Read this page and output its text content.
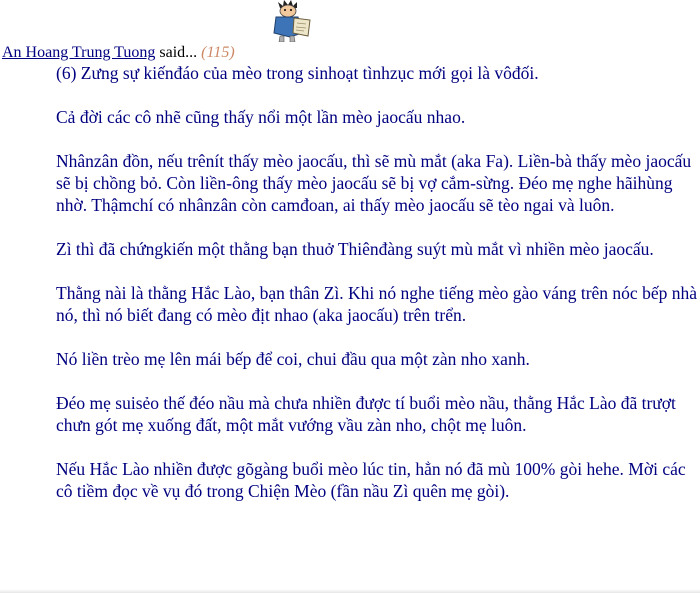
An Hoang Trung Tuong said... (115)

(6) Zưng sự kiếnđáo của mèo trong sinhoạt tìnhzục mới gọi là vôđối.

Cả đời các cô nhẽ cũng thấy nổi một lần mèo jaocấu nhao.

Nhânzân đồn, nếu trênít thấy mèo jaocấu, thì sẽ mù mắt (aka Fa). Liền-bà thấy mèo jaocấu sẽ bị chồng bỏ. Còn liền-ông thấy mèo jaocấu sẽ bị vợ cắm-sừng. Đéo mẹ nghe hãihùng nhờ. Thậmchí có nhânzân còn camđoan, ai thấy mèo jaocấu sẽ tèo ngai và luôn.

Zì thì đã chứngkiến một thằng bạn thuở Thiênđàng suýt mù mắt vì nhiền mèo jaocấu.

Thằng nài là thằng Hắc Lào, bạn thân Zì. Khi nó nghe tiếng mèo gào váng trên nóc bếp nhà nó, thì nó biết đang có mèo địt nhao (aka jaocấu) trên trển.

Nó liền trèo mẹ lên mái bếp để coi, chui đầu qua một zàn nho xanh.

Đéo mẹ suisẻo thế đéo nầu mà chưa nhiền được tí buổi mèo nầu, thằng Hắc Lào đã trượt chưn gót mẹ xuống đất, một mắt vướng vầu zàn nho, chột mẹ luôn.

Nếu Hắc Lào nhiền được gõgàng buổi mèo lúc tin, hẳn nó đã mù 100% gòi hehe. Mời các cô tiềm đọc về vụ đó trong Chiện Mèo (fần nầu Zì quên mẹ gòi).
